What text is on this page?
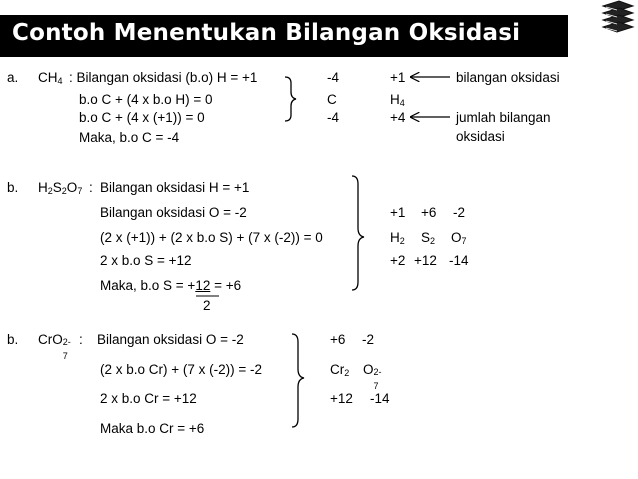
Contoh Menentukan Bilangan Oksidasi
a. CH4 : Bilangan oksidasi (b.o) H = +1
b.o C + (4 x b.o H) = 0
b.o C + (4 x (+1)) = 0
Maka, b.o C = -4
-4
C
-4
+1
H4
+4
bilangan oksidasi
jumlah bilangan
oksidasi
b. H2S2O7 : Bilangan oksidasi H = +1
Bilangan oksidasi O = -2
(2 x (+1)) + (2 x b.o S) + (7 x (-2)) = 0
2 x b.o S = +12
Maka, b.o S = +12 = +6
2
+1 +6 -2
H2 S2 O7
+2 +12 -14
b. CrO 2-
7
: Bilangan oksidasi O = -2
(2 x b.o Cr) + (7 x (-2)) = -2
2 x b.o Cr = +12
Maka b.o Cr = +6
+6 -2
Cr2 O 2-
7
+12 -14
